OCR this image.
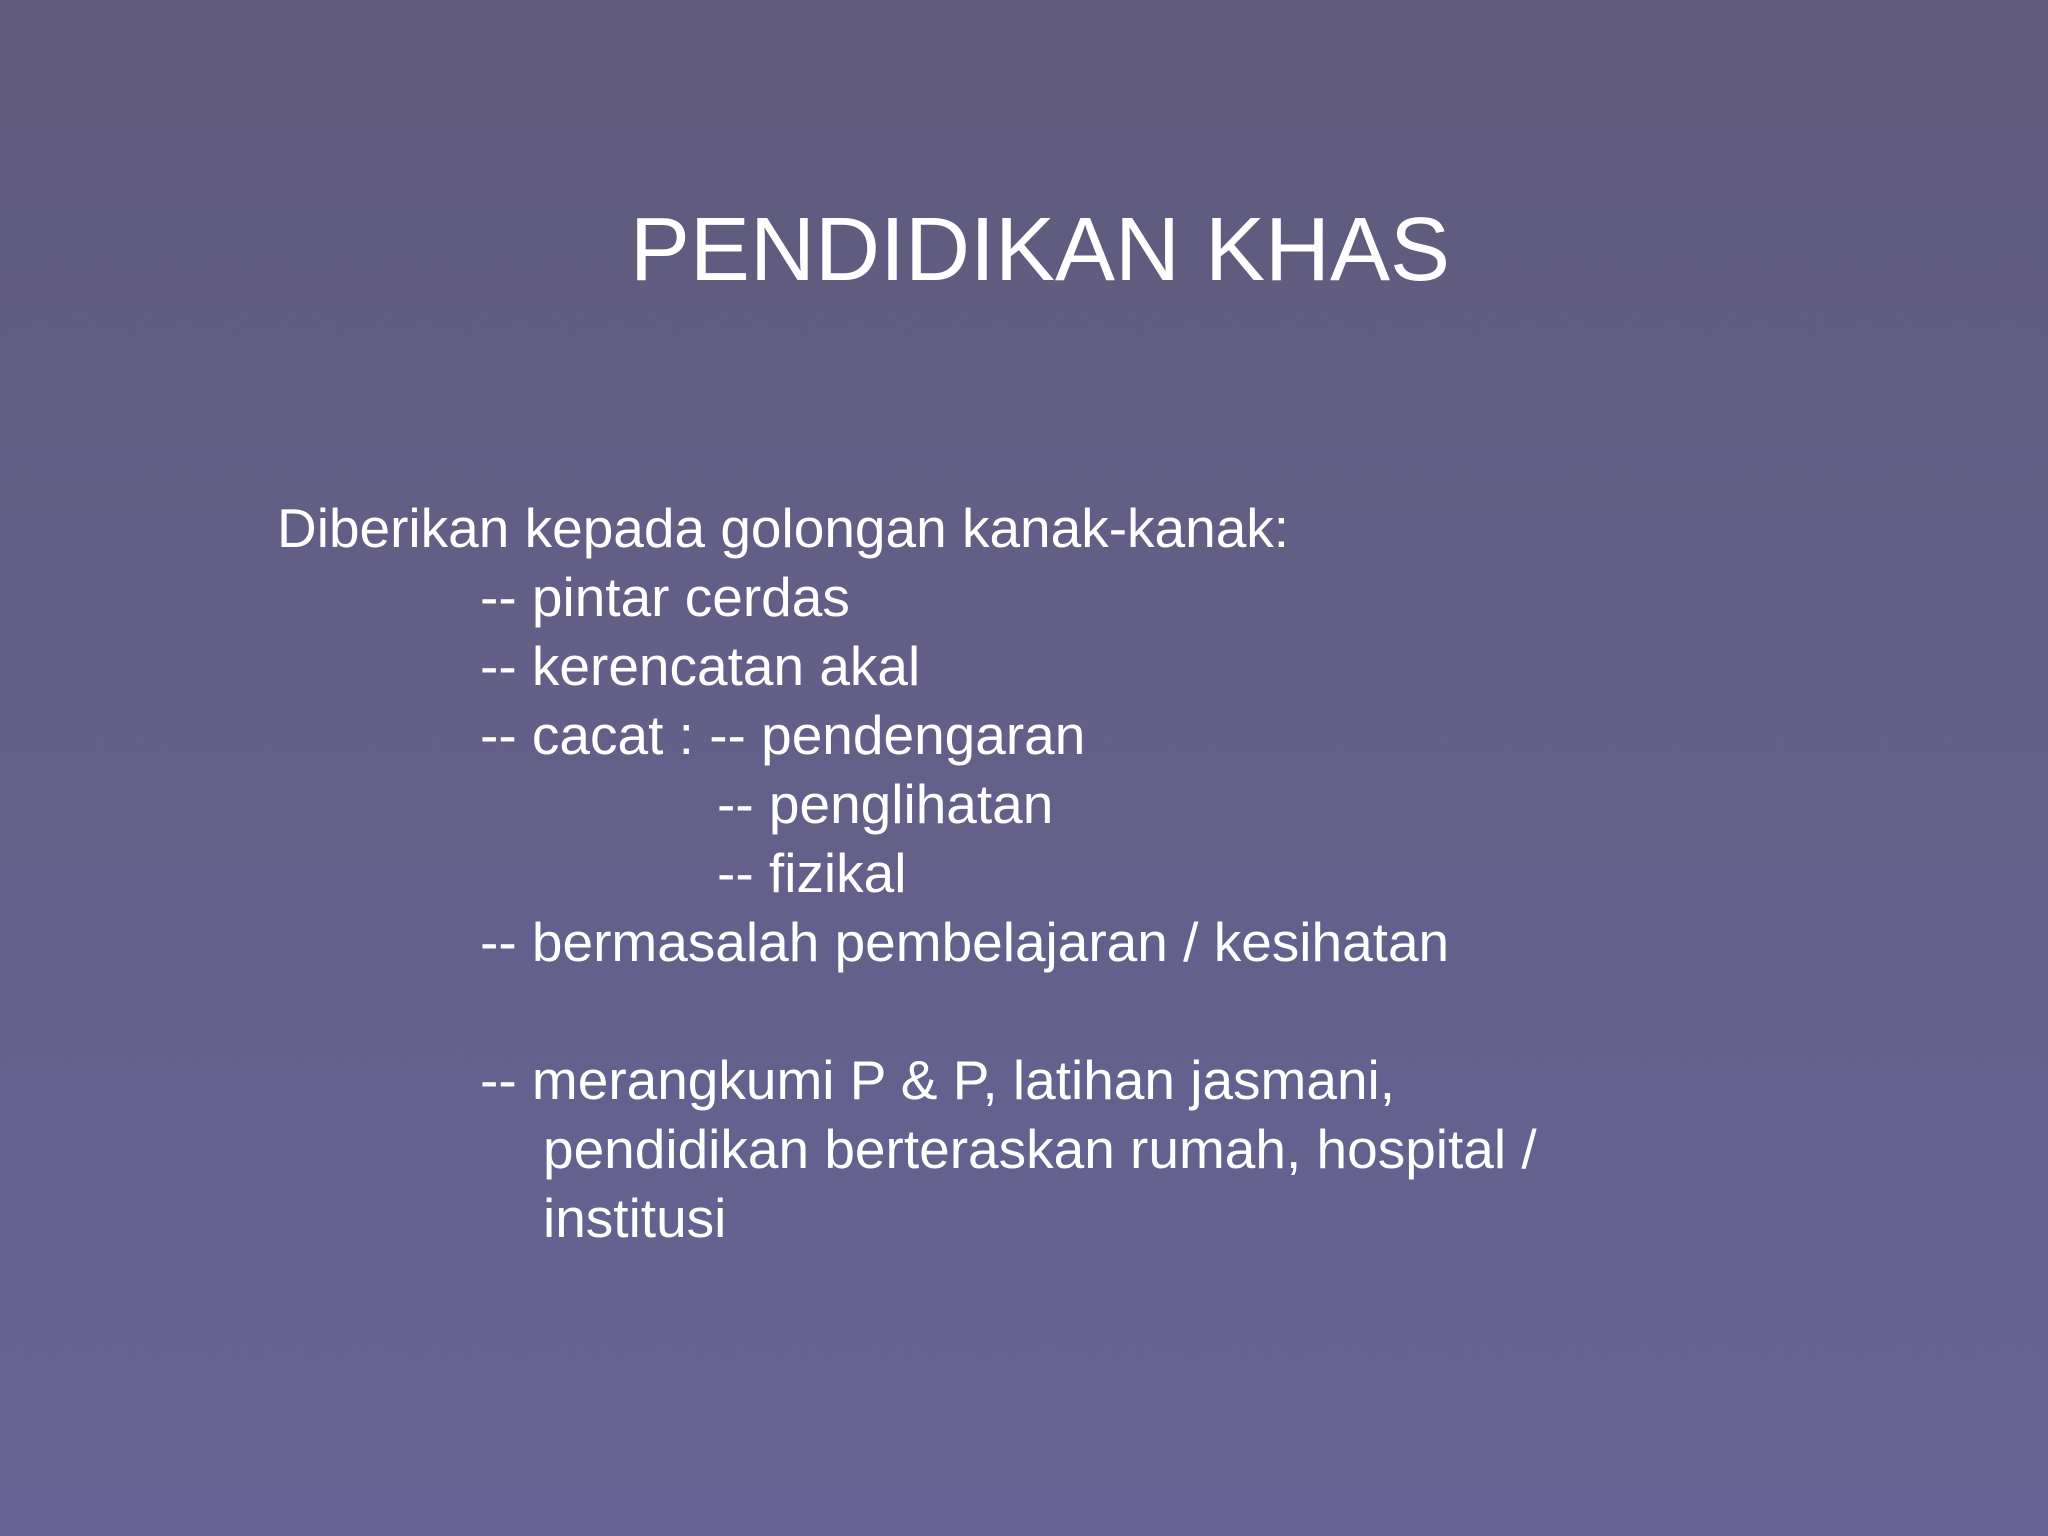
PENDIDIKAN KHAS
Diberikan kepada golongan kanak-kanak:
-- pintar cerdas
-- kerencatan akal
-- cacat : -- pendengaran
-- penglihatan
-- fizikal
-- bermasalah pembelajaran / kesihatan
-- merangkumi P & P, latihan jasmani,
pendidikan berteraskan rumah, hospital /
institusi
